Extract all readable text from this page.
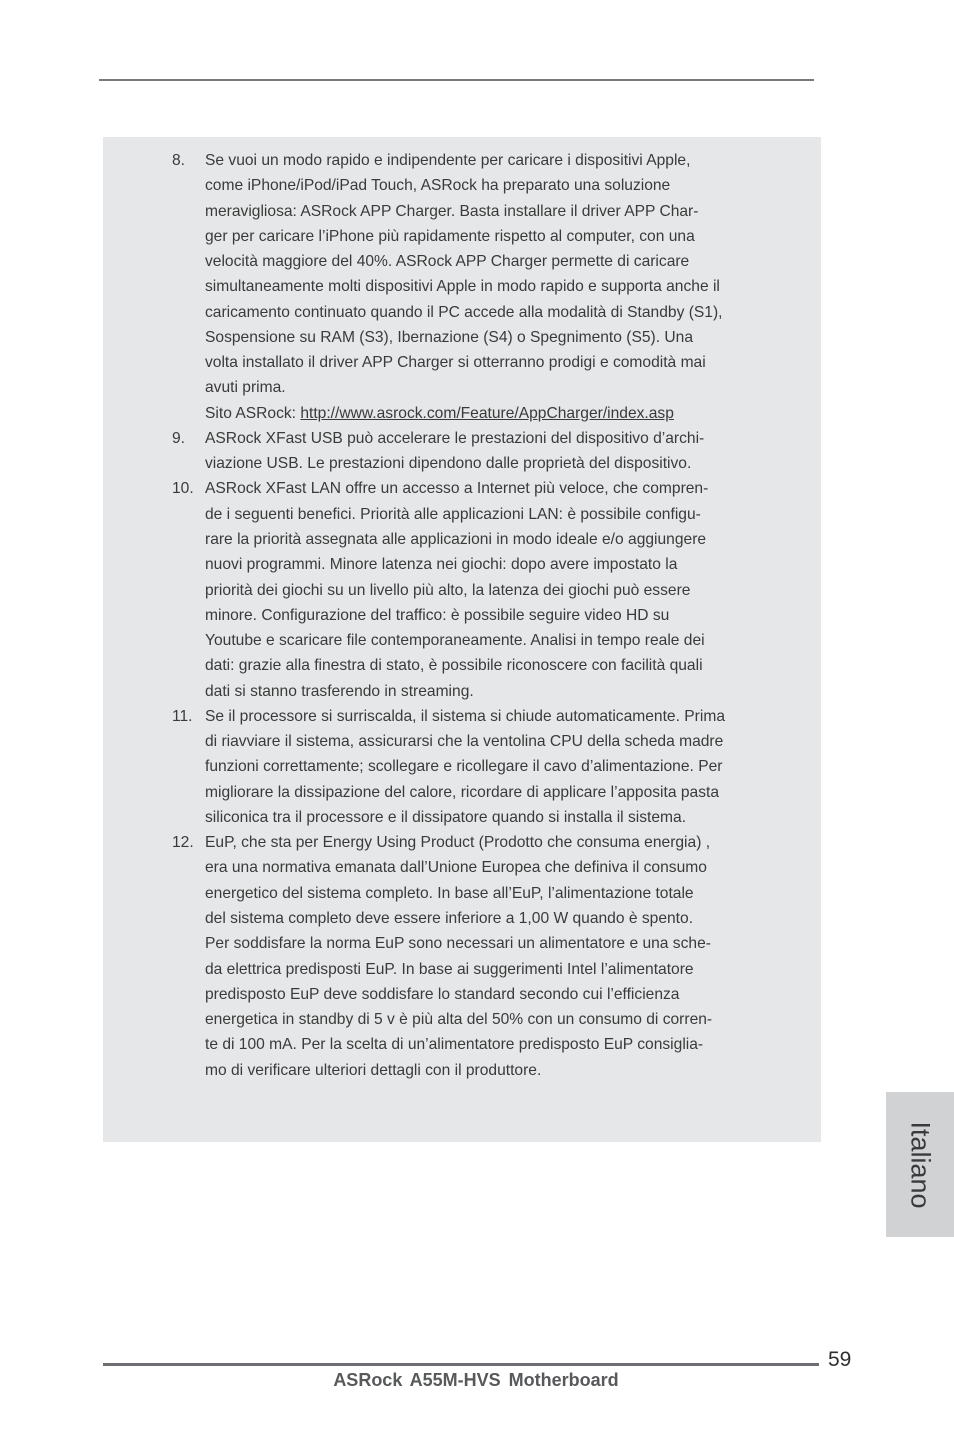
8. Se vuoi un modo rapido e indipendente per caricare i dispositivi Apple,
come iPhone/iPod/iPad Touch, ASRock ha preparato una soluzione
meravigliosa: ASRock APP Charger. Basta installare il driver APP Char-
ger per caricare l’iPhone più rapidamente rispetto al computer, con una
velocità maggiore del 40%. ASRock APP Charger permette di caricare
simultaneamente molti dispositivi Apple in modo rapido e supporta anche il
caricamento continuato quando il PC accede alla modalità di Standby (S1),
Sospensione su RAM (S3), Ibernazione (S4) o Spegnimento (S5). Una
volta installato il driver APP Charger si otterranno prodigi e comodità mai
avuti prima.
Sito ASRock: http://www.asrock.com/Feature/AppCharger/index.asp
9. ASRock XFast USB può accelerare le prestazioni del dispositivo d’archi-
viazione USB. Le prestazioni dipendono dalle proprietà del dispositivo.
10. ASRock XFast LAN offre un accesso a Internet più veloce, che compren-
de i seguenti benefici. Priorità alle applicazioni LAN: è possibile configu-
rare la priorità assegnata alle applicazioni in modo ideale e/o aggiungere
nuovi programmi. Minore latenza nei giochi: dopo avere impostato la
priorità dei giochi su un livello più alto, la latenza dei giochi può essere
minore. Configurazione del traffico: è possibile seguire video HD su
Youtube e scaricare file contemporaneamente. Analisi in tempo reale dei
dati: grazie alla finestra di stato, è possibile riconoscere con facilità quali
dati si stanno trasferendo in streaming.
11. Se il processore si surriscalda, il sistema si chiude automaticamente. Prima
di riavviare il sistema, assicurarsi che la ventolina CPU della scheda madre
funzioni correttamente; scollegare e ricollegare il cavo d’alimentazione. Per
migliorare la dissipazione del calore, ricordare di applicare l’apposita pasta
siliconica tra il processore e il dissipatore quando si installa il sistema.
12. EuP, che sta per Energy Using Product (Prodotto che consuma energia) ,
era una normativa emanata dall’Unione Europea che definiva il consumo
energetico del sistema completo. In base all’EuP, l’alimentazione totale
del sistema completo deve essere inferiore a 1,00 W quando è spento.
Per soddisfare la norma EuP sono necessari un alimentatore e una sche-
da elettrica predisposti EuP. In base ai suggerimenti Intel l’alimentatore
predisposto EuP deve soddisfare lo standard secondo cui l’efficienza
energetica in standby di 5 v è più alta del 50% con un consumo di corren-
te di 100 mA. Per la scelta di un’alimentatore predisposto EuP consiglia-
mo di verificare ulteriori dettagli con il produttore.
Italiano
59
ASRock A55M-HVS Motherboard
